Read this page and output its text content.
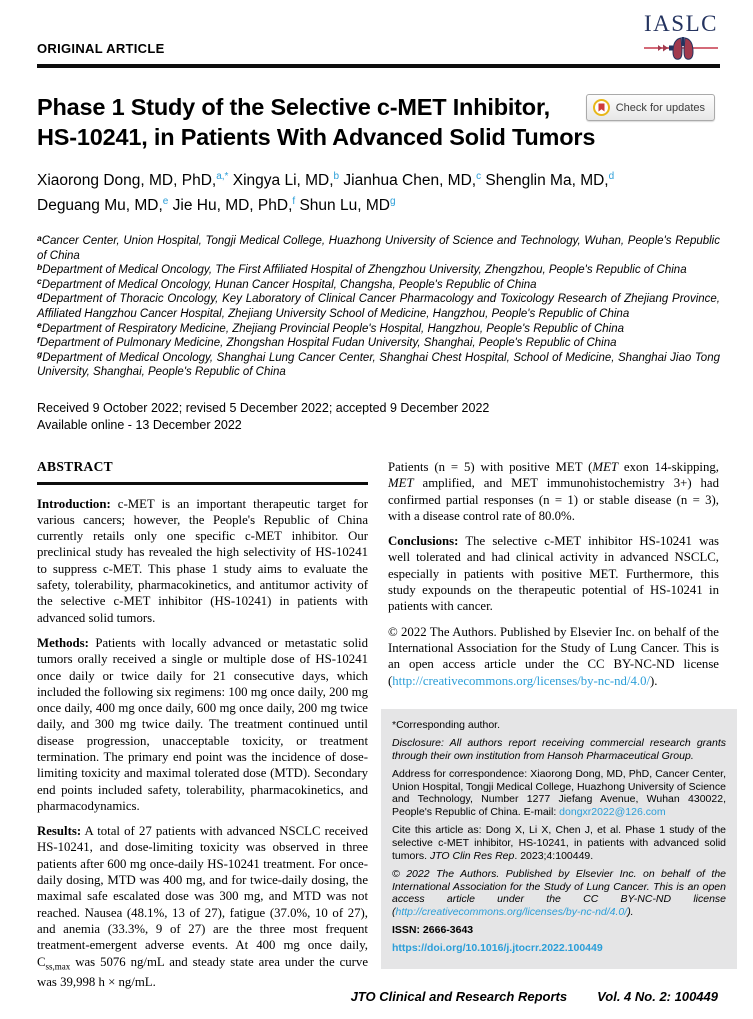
ORIGINAL ARTICLE
IASLC
Phase 1 Study of the Selective c-MET Inhibitor,
HS-10241, in Patients With Advanced Solid Tumors
Check for updates
Xiaorong Dong, MD, PhD,$^{a,*}$ Xingya Li, MD,$^b$ Jianhua Chen, MD,$^c$ Shenglin Ma, MD,$^d$
Deguang Mu, MD,$^e$ Jie Hu, MD, PhD,$^f$ Shun Lu, $MD^g$
$^a$Cancer Center, Union Hospital, Tongji Medical College, Huazhong University of Science and Technology, Wuhan, People's Republic of China
$^b$Department of Medical Oncology, The First Affiliated Hospital of Zhengzhou University, Zhengzhou, People's Republic of China
$^c$Department of Medical Oncology, Hunan Cancer Hospital, Changsha, People's Republic of China
$^d$Department of Thoracic Oncology, Key Laboratory of Clinical Cancer Pharmacology and Toxicology Research of Zhejiang Province, Affiliated Hangzhou Cancer Hospital, Zhejiang University School of Medicine, Hangzhou, People's Republic of China
$^e$Department of Respiratory Medicine, Zhejiang Provincial People's Hospital, Hangzhou, People's Republic of China
$^f$Department of Pulmonary Medicine, Zhongshan Hospital Fudan University, Shanghai, People's Republic of China
$^g$Department of Medical Oncology, Shanghai Lung Cancer Center, Shanghai Chest Hospital, School of Medicine, Shanghai Jiao Tong University, Shanghai, People's Republic of China
Received 9 October 2022; revised 5 December 2022; accepted 9 December 2022
Available online - 13 December 2022
ABSTRACT

Introduction: c-MET is an important therapeutic target for various cancers; however, the People's Republic of China currently retails only one specific c-MET inhibitor. Our preclinical study has revealed the high selectivity of HS-10241 to suppress c-MET. This phase 1 study aims to evaluate the safety, tolerability, pharmacokinetics, and antitumor activity of the selective c-MET inhibitor (HS-10241) in patients with advanced solid tumors.

Methods: Patients with locally advanced or metastatic solid tumors orally received a single or multiple dose of HS-10241 once daily or twice daily for 21 consecutive days, which included the following six regimens: 100 mg once daily, 200 mg once daily, 400 mg once daily, 600 mg once daily, 200 mg twice daily, and 300 mg twice daily. The treatment continued until disease progression, unacceptable toxicity, or treatment termination. The primary end point was the incidence of dose-limiting toxicity and maximal tolerated dose (MTD). Secondary end points included safety, tolerability, pharmacokinetics, and pharmacodynamics.

Results: A total of 27 patients with advanced NSCLC received HS-10241, and dose-limiting toxicity was observed in three patients after 600 mg once-daily HS-10241 treatment. For once-daily dosing, MTD was 400 mg, and for twice-daily dosing, the maximal safe escalated dose was 300 mg, and MTD was not reached. Nausea (48.1%, 13 of 27), fatigue (37.0%, 10 of 27), and anemia (33.3%, 9 of 27) are the three most frequent treatment-emergent adverse events. At 400 mg once daily, $C_{ss,max}$ was 5076 ng/mL and steady state area under the curve was 39,998 h × ng/mL.

Patients (n = 5) with positive MET (MET exon 14-skipping, MET amplified, and MET immunohistochemistry 3+) had confirmed partial responses (n = 1) or stable disease (n = 3), with a disease control rate of 80.0%.

Conclusions: The selective c-MET inhibitor HS-10241 was well tolerated and had clinical activity in advanced NSCLC, especially in patients with positive MET. Furthermore, this study expounds on the therapeutic potential of HS-10241 in patients with cancer.

© 2022 The Authors. Published by Elsevier Inc. on behalf of the International Association for the Study of Lung Cancer. This is an open access article under the CC BY-NC-ND license (http://creativecommons.org/licenses/by-nc-nd/4.0/).

*Corresponding author.

Disclosure: All authors report receiving commercial research grants through their own institution from Hansoh Pharmaceutical Group.

Address for correspondence: Xiaorong Dong, MD, PhD, Cancer Center, Union Hospital, Tongji Medical College, Huazhong University of Science and Technology, Number 1277 Jiefang Avenue, Wuhan 430022, People's Republic of China. E-mail: dongxr2022@126.com

Cite this article as: Dong X, Li X, Chen J, et al. Phase 1 study of the selective c-MET inhibitor, HS-10241, in patients with advanced solid tumors. JTO Clin Res Rep. 2023;4:100449.

© 2022 The Authors. Published by Elsevier Inc. on behalf of the International Association for the Study of Lung Cancer. This is an open access article under the CC BY-NC-ND license (http://creativecommons.org/licenses/by-nc-nd/4.0/).

ISSN: 2666-3643

https://doi.org/10.1016/j.jtocrr.2022.100449

JTO Clinical and Research Reports Vol. 4 No. 2: 100449
